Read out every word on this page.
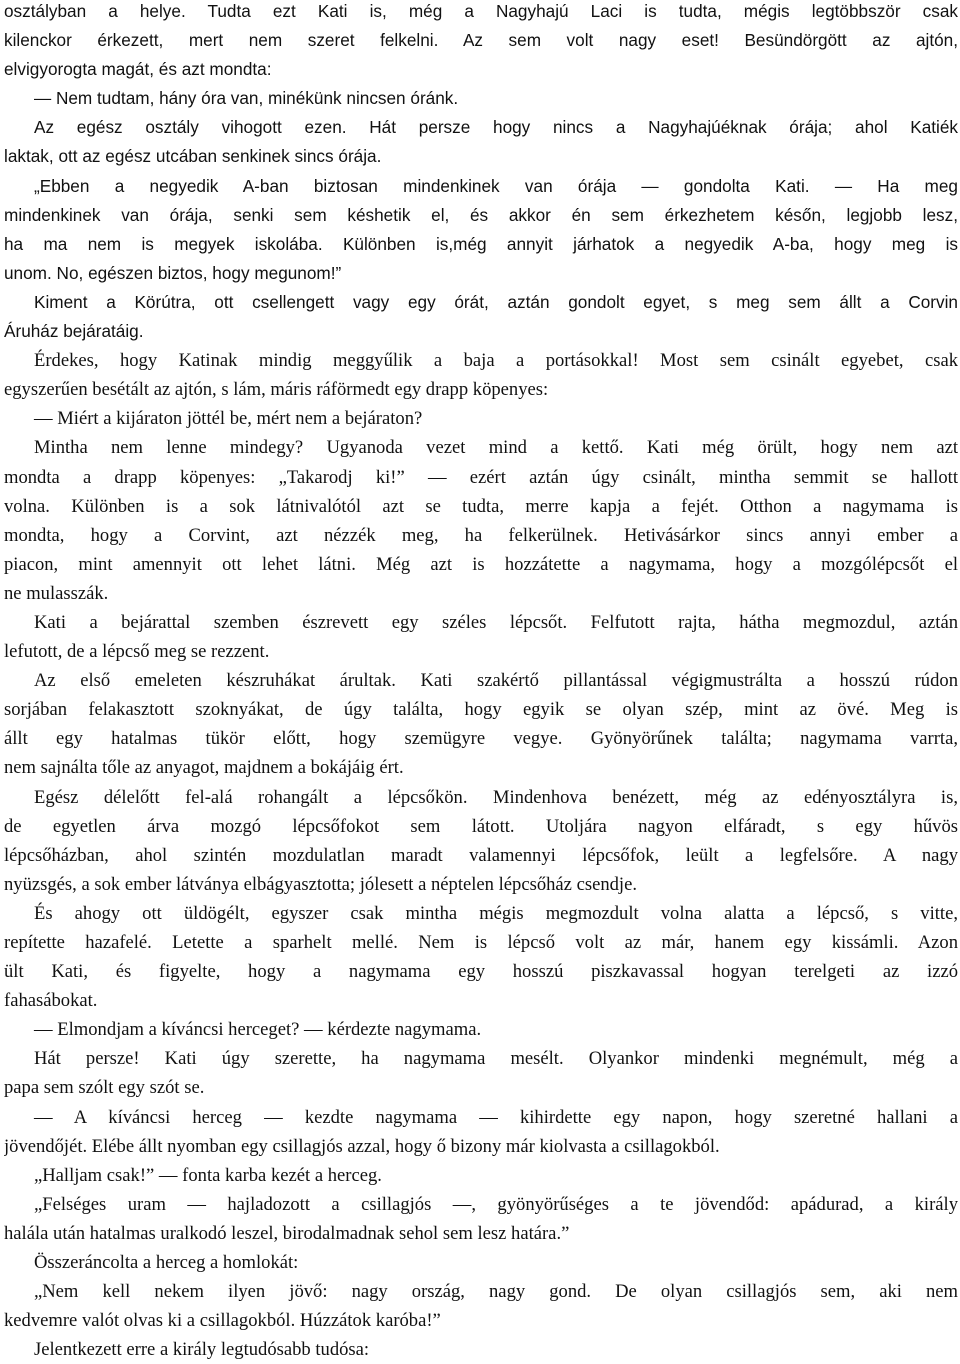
osztályban a helye. Tudta ezt Kati is, még a Nagyhajú Laci is tudta, mégis legtöbbször csak
kilenckor érkezett, mert nem szeret felkelni. Az sem volt nagy eset! Besündörgött az ajtón,
elvigyorogta magát, és azt mondta:
— Nem tudtam, hány óra van, minékünk nincsen óránk.
Az egész osztály vihogott ezen. Hát persze hogy nincs a Nagyhajúéknak órája; ahol Katiék
laktak, ott az egész utcában senkinek sincs órája.
„Ebben a negyedik A-ban biztosan mindenkinek van órája — gondolta Kati. — Ha meg
mindenkinek van órája, senki sem késhetik el, és akkor én sem érkezhetem későn, legjobb lesz,
ha ma nem is megyek iskolába. Különben is,még annyit járhatok a negyedik A-ba, hogy meg is
unom. No, egészen biztos, hogy megunom!”
Kiment a Körútra, ott csellengett vagy egy órát, aztán gondolt egyet, s meg sem állt a Corvin
Áruház bejáratáig.
Érdekes, hogy Katinak mindig meggyűlik a baja a portásokkal! Most sem csinált egyebet, csak
egyszerűen besétált az ajtón, s lám, máris ráförmedt egy drapp köpenyes:
— Miért a kijáraton jöttél be, mért nem a bejáraton?
Mintha nem lenne mindegy? Ugyanoda vezet mind a kettő. Kati még örült, hogy nem azt
mondta a drapp köpenyes: „Takarodj ki!” — ezért aztán úgy csinált, mintha semmit se hallott
volna. Különben is a sok látnivalótól azt se tudta, merre kapja a fejét. Otthon a nagymama is
mondta, hogy a Corvint, azt nézzék meg, ha felkerülnek. Hetivásárkor sincs annyi ember a
piacon, mint amennyit ott lehet látni. Még azt is hozzátette a nagymama, hogy a mozgólépcsőt el
ne mulasszák.
Kati a bejárattal szemben észrevett egy széles lépcsőt. Felfutott rajta, hátha megmozdul, aztán
lefutott, de a lépcső meg se rezzent.
Az első emeleten készruhákat árultak. Kati szakértő pillantással végigmustrálta a hosszú rúdon
sorjában felakasztott szoknyákat, de úgy találta, hogy egyik se olyan szép, mint az övé. Meg is
állt egy hatalmas tükör előtt, hogy szemügyre vegye. Gyönyörűnek találta; nagymama varrta,
nem sajnálta tőle az anyagot, majdnem a bokájáig ért.
Egész délelőtt fel-alá rohangált a lépcsőkön. Mindenhova benézett, még az edényosztályra is,
de egyetlen árva mozgó lépcsőfokot sem látott. Utoljára nagyon elfáradt, s egy hűvös
lépcsőházban, ahol szintén mozdulatlan maradt valamennyi lépcsőfok, leült a legfelsőre. A nagy
nyüzsgés, a sok ember látványa elbágyasztotta; jólesett a néptelen lépcsőház csendje.
És ahogy ott üldögélt, egyszer csak mintha mégis megmozdult volna alatta a lépcső, s vitte,
repítette hazafelé. Letette a sparhelt mellé. Nem is lépcső volt az már, hanem egy kissámli. Azon
ült Kati, és figyelte, hogy a nagymama egy hosszú piszkavassal hogyan terelgeti az izzó
fahasábokat.
— Elmondjam a kíváncsi herceget? — kérdezte nagymama.
Hát persze! Kati úgy szerette, ha nagymama mesélt. Olyankor mindenki megnémult, még a
papa sem szólt egy szót se.
— A kíváncsi herceg — kezdte nagymama — kihirdette egy napon, hogy szeretné hallani a
jövendőjét. Elébe állt nyomban egy csillagjós azzal, hogy ő bizony már kiolvasta a csillagokból.
„Halljam csak!” — fonta karba kezét a herceg.
„Felséges uram — hajladozott a csillagjós —, gyönyörűséges a te jövendőd: apádurad, a király
halála után hatalmas uralkodó leszel, birodalmadnak sehol sem lesz határa.”
Összeráncolta a herceg a homlokát:
„Nem kell nekem ilyen jövő: nagy ország, nagy gond. De olyan csillagjós sem, aki nem
kedvemre valót olvas ki a csillagokból. Húzzátok karóba!”
Jelentkezett erre a király legtudósabb tudósa:
